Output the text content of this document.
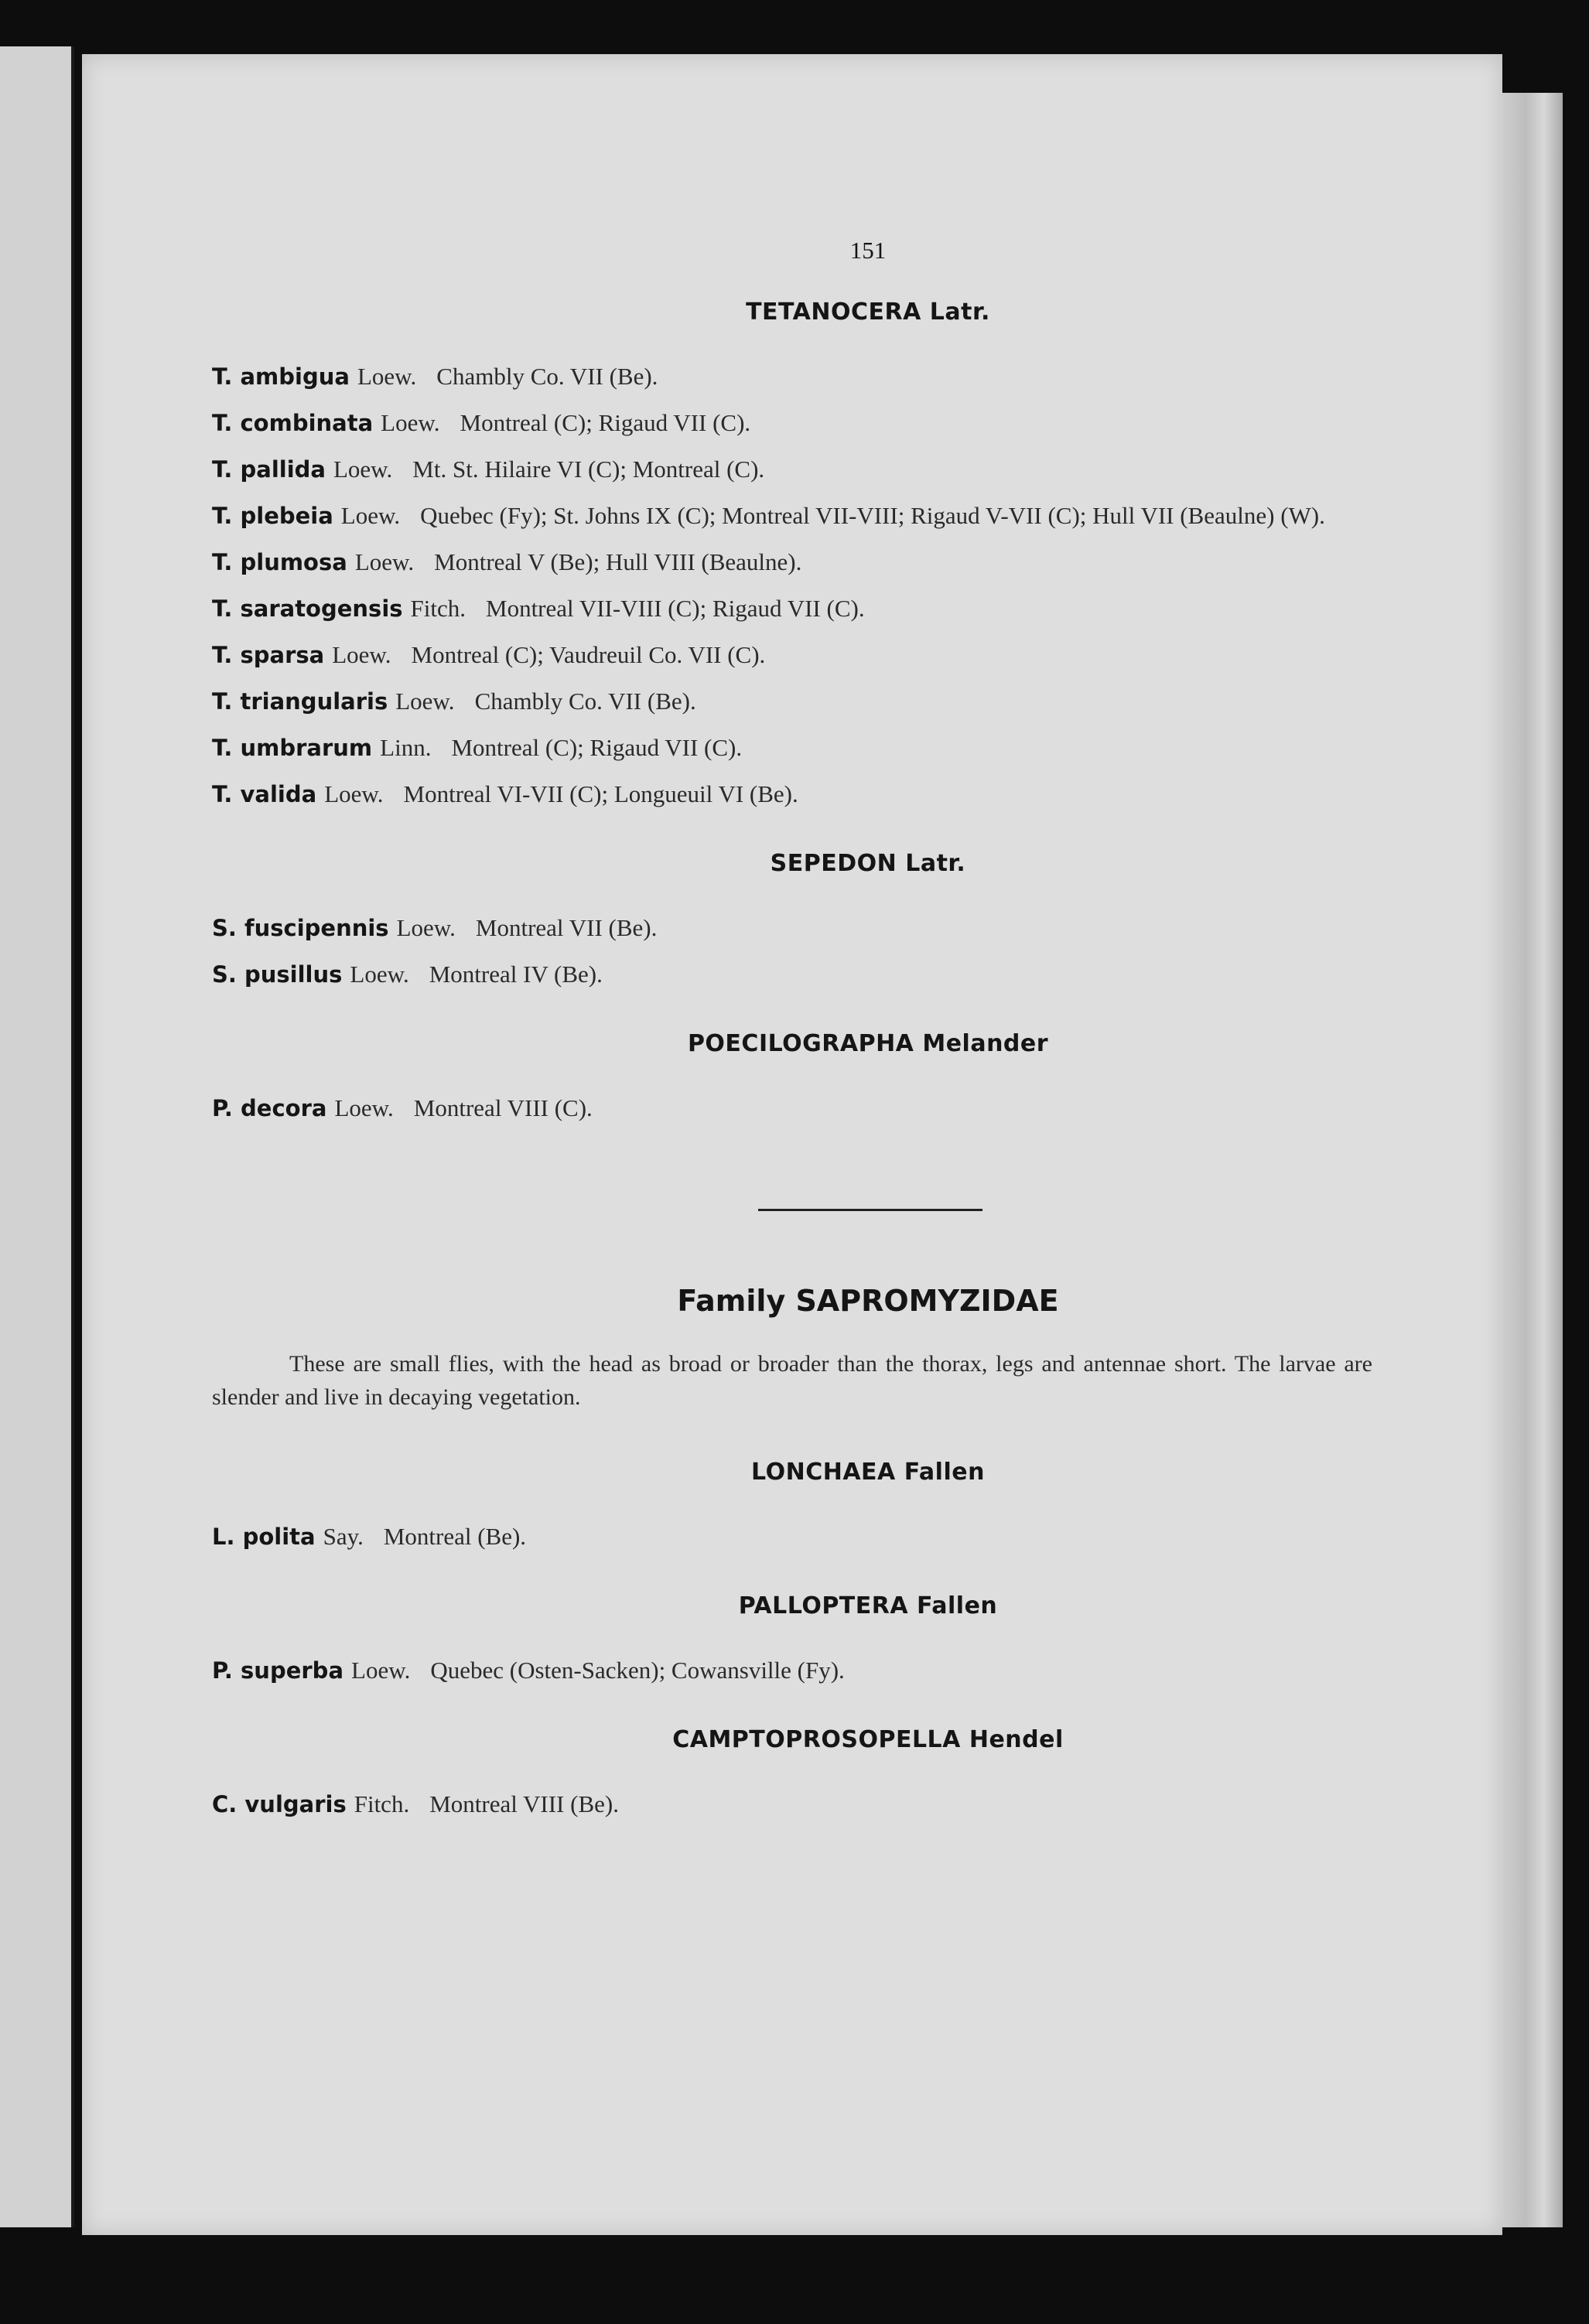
151
TETANOCERA Latr.
T. ambigua Loew. Chambly Co. VII (Be).
T. combinata Loew. Montreal (C); Rigaud VII (C).
T. pallida Loew. Mt. St. Hilaire VI (C); Montreal (C).
T. plebeia Loew. Quebec (Fy); St. Johns IX (C); Montreal VII-VIII; Rigaud V-VII (C); Hull VII (Beaulne) (W).
T. plumosa Loew. Montreal V (Be); Hull VIII (Beaulne).
T. saratogensis Fitch. Montreal VII-VIII (C); Rigaud VII (C).
T. sparsa Loew. Montreal (C); Vaudreuil Co. VII (C).
T. triangularis Loew. Chambly Co. VII (Be).
T. umbrarum Linn. Montreal (C); Rigaud VII (C).
T. valida Loew. Montreal VI-VII (C); Longueuil VI (Be).
SEPEDON Latr.
S. fuscipennis Loew. Montreal VII (Be).
S. pusillus Loew. Montreal IV (Be).
POECILOGRAPHA Melander
P. decora Loew. Montreal VIII (C).
Family SAPROMYZIDAE
These are small flies, with the head as broad or broader than the thorax, legs and antennae short. The larvae are slender and live in decaying vegetation.
LONCHAEA Fallen
L. polita Say. Montreal (Be).
PALLOPTERA Fallen
P. superba Loew. Quebec (Osten-Sacken); Cowansville (Fy).
CAMPTOPROSOPELLA Hendel
C. vulgaris Fitch. Montreal VIII (Be).
